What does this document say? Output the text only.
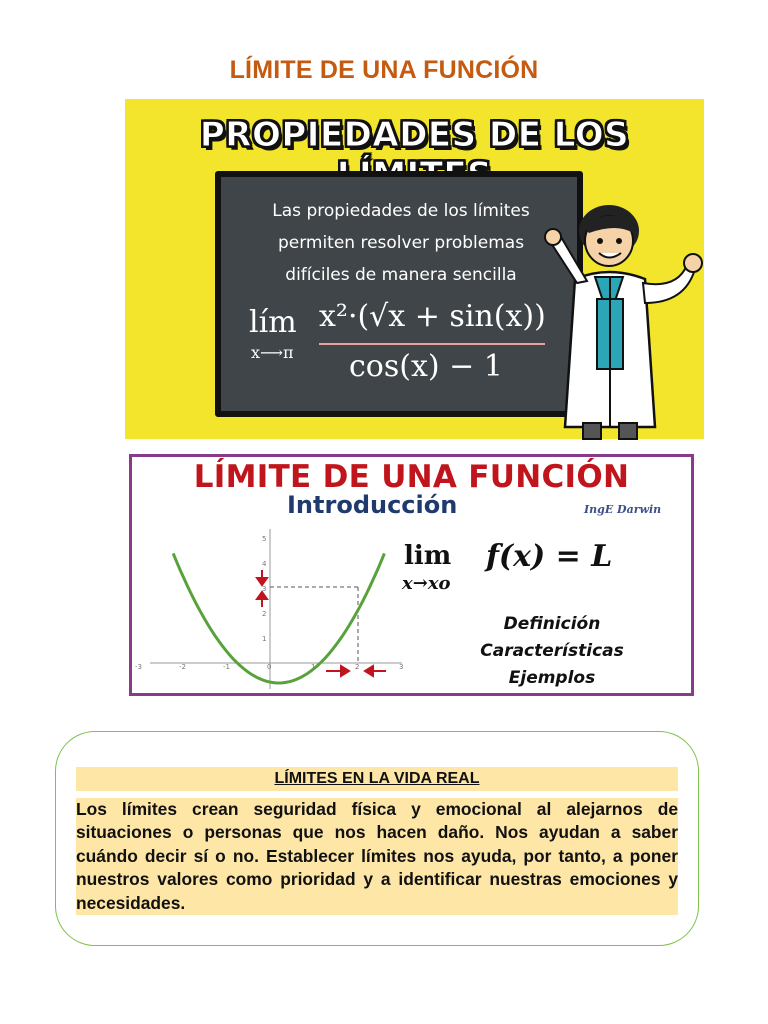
LÍMITE DE UNA FUNCIÓN
PROPIEDADES DE LOS
Las propiedades de los límites
permiten resolver problemas
difíciles de manera sencilla
lím
x⟶π
x²·(√x + sin(x))
cos(x) − 1
LÍMITE DE UNA FUNCIÓN
Introducción	IngE Darwin
-3	-2	-1	0	1	2	3
5
4
3
2
1
lim
x→xo
f(x) = L
Definición
Características
Ejemplos
LÍMITES EN LA VIDA REAL
Los límites crean seguridad física y emocional al alejarnos de situaciones o personas que nos hacen daño. Nos ayudan a saber cuándo decir sí o no. Establecer límites nos ayuda, por tanto, a poner nuestros valores como prioridad y a identificar nuestras emociones y necesidades.
